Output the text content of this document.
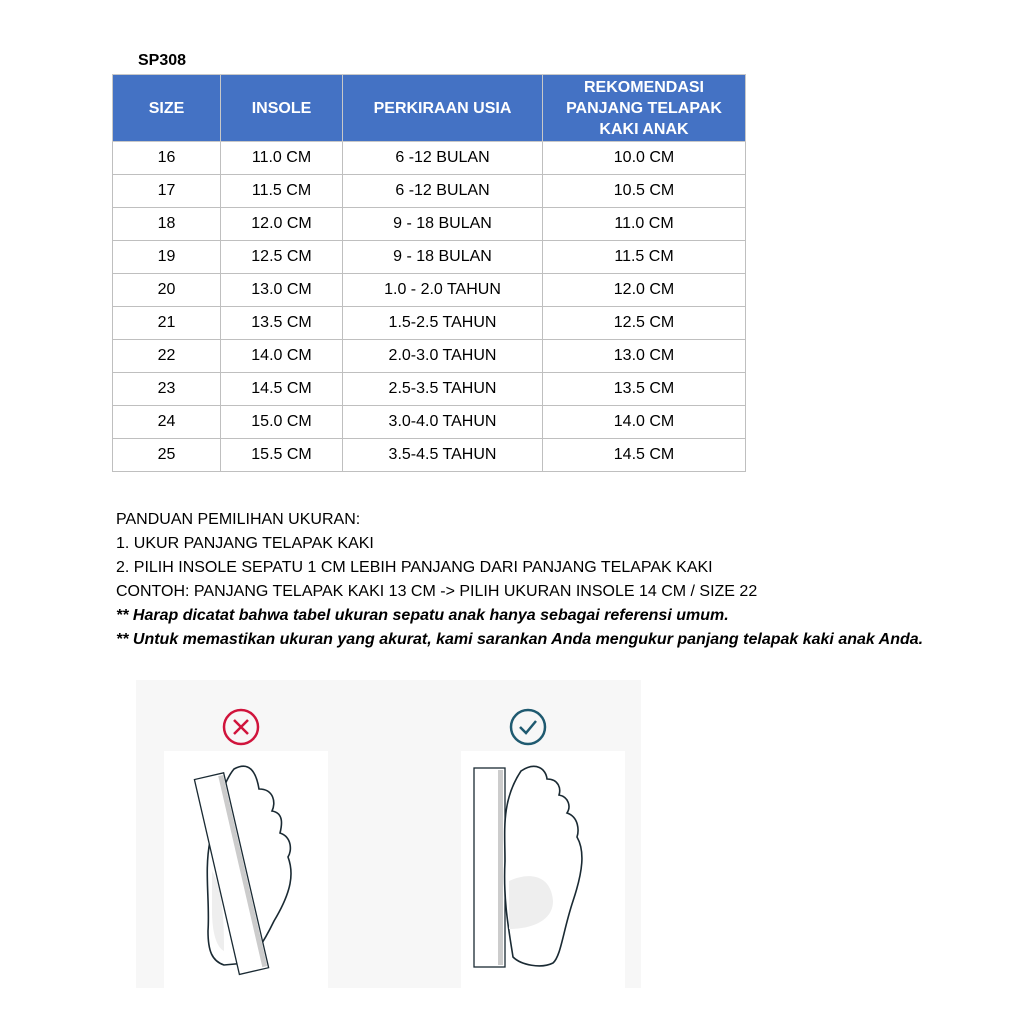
SP308
SIZE	INSOLE	PERKIRAAN USIA	REKOMENDASI PANJANG TELAPAK KAKI ANAK
16	11.0 CM	6 -12 BULAN	10.0 CM
17	11.5 CM	6 -12 BULAN	10.5 CM
18	12.0 CM	9 - 18 BULAN	11.0 CM
19	12.5 CM	9 - 18 BULAN	11.5 CM
20	13.0 CM	1.0 - 2.0 TAHUN	12.0 CM
21	13.5 CM	1.5-2.5 TAHUN	12.5 CM
22	14.0 CM	2.0-3.0 TAHUN	13.0 CM
23	14.5 CM	2.5-3.5 TAHUN	13.5 CM
24	15.0 CM	3.0-4.0 TAHUN	14.0 CM
25	15.5 CM	3.5-4.5 TAHUN	14.5 CM
PANDUAN PEMILIHAN UKURAN:
1. UKUR PANJANG TELAPAK KAKI
2. PILIH INSOLE SEPATU 1 CM LEBIH PANJANG DARI PANJANG TELAPAK KAKI
CONTOH: PANJANG TELAPAK KAKI 13 CM -> PILIH UKURAN INSOLE 14 CM / SIZE 22
** Harap dicatat bahwa tabel ukuran sepatu anak hanya sebagai referensi umum.
** Untuk memastikan ukuran yang akurat, kami sarankan Anda mengukur panjang telapak kaki anak Anda.
